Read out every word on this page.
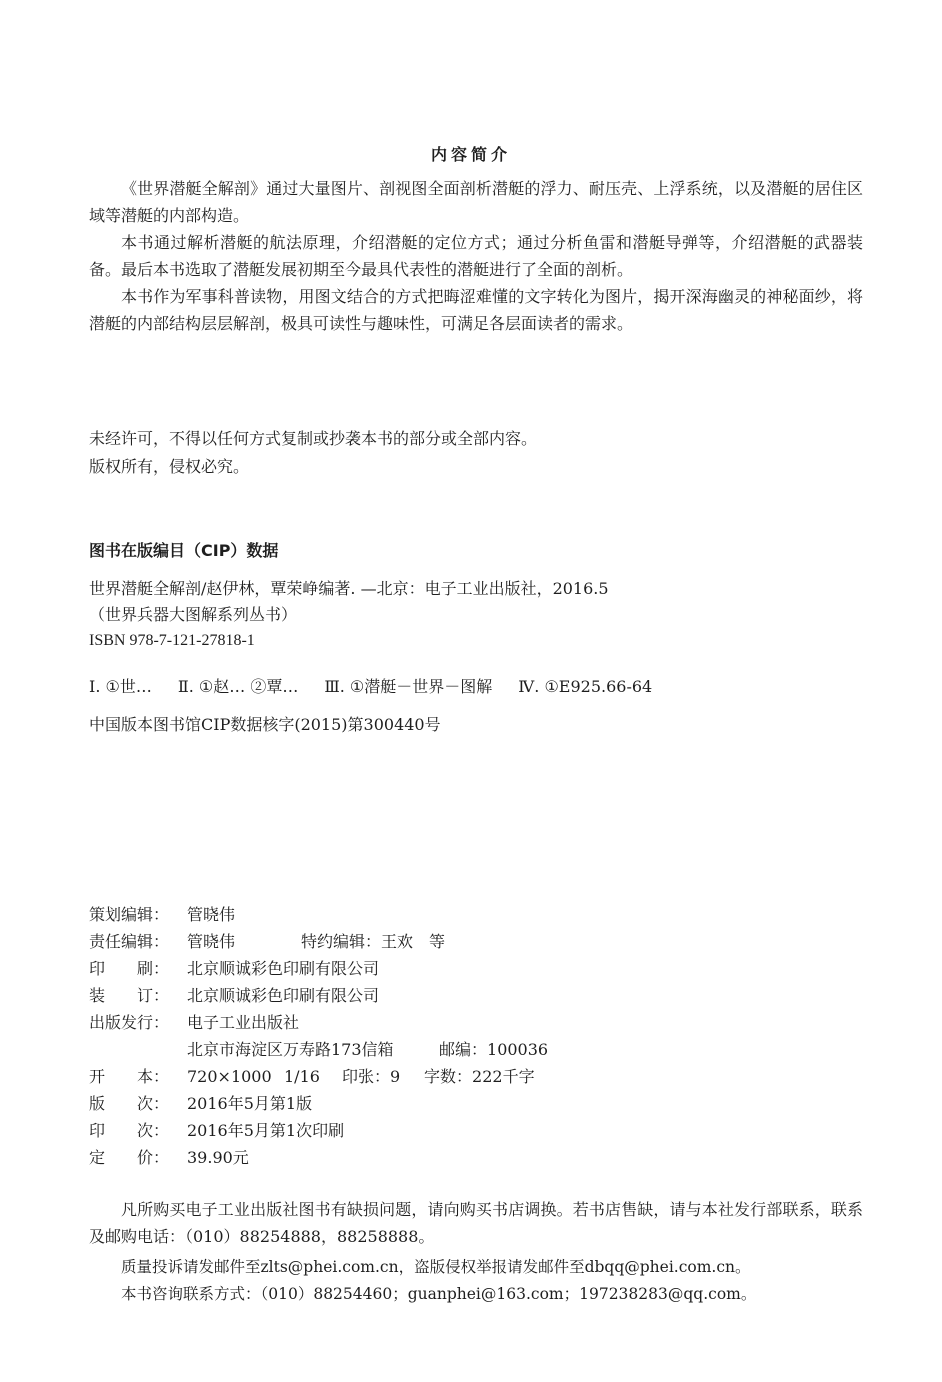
内容简介

《世界潜艇全解剖》通过大量图片、剖视图全面剖析潜艇的浮力、耐压壳、上浮系统，以及潜艇的居住区域等潜艇的内部构造。

本书通过解析潜艇的航法原理，介绍潜艇的定位方式；通过分析鱼雷和潜艇导弹等，介绍潜艇的武器装备。最后本书选取了潜艇发展初期至今最具代表性的潜艇进行了全面的剖析。

本书作为军事科普读物，用图文结合的方式把晦涩难懂的文字转化为图片，揭开深海幽灵的神秘面纱，将潜艇的内部结构层层解剖，极具可读性与趣味性，可满足各层面读者的需求。

未经许可，不得以任何方式复制或抄袭本书的部分或全部内容。
版权所有，侵权必究。
图书在版编目（CIP）数据
世界潜艇全解剖/赵伊林，覃荣峥编著. —北京：电子工业出版社，2016.5
（世界兵器大图解系列丛书）
ISBN 978-7-121-27818-1
Ⅰ. ①世… Ⅱ. ①赵… ②覃… Ⅲ. ①潜艇－世界－图解 Ⅳ. ①E925.66-64
中国版本图书馆CIP数据核字(2015)第300440号
策划编辑： 管晓伟
责任编辑： 管晓伟	特约编辑：王欢　等
印　　刷： 北京顺诚彩色印刷有限公司
装　　订： 北京顺诚彩色印刷有限公司
出版发行： 电子工业出版社
北京市海淀区万寿路173信箱	邮编：100036
开　　本： 720×1000 1/16 印张：9 字数：222千字
版　　次： 2016年5月第1版
印　　次： 2016年5月第1次印刷
定　　价： 39.90元

凡所购买电子工业出版社图书有缺损问题，请向购买书店调换。若书店售缺，请与本社发行部联系，联系及邮购电话：（010）88254888，88258888。

质量投诉请发邮件至zlts@phei.com.cn，盗版侵权举报请发邮件至dbqq@phei.com.cn。
本书咨询联系方式：（010）88254460；guanphei@163.com；197238283@qq.com。
